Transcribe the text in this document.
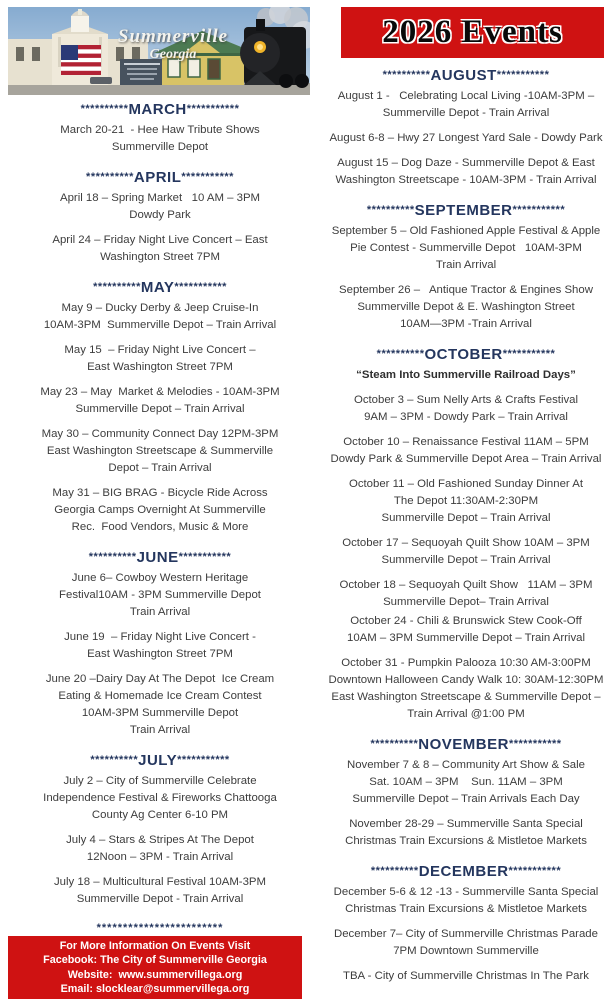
Summerville
Georgia
2026 Events
**********MARCH***********
March 20-21  - Hee Haw Tribute Shows
Summerville Depot
**********APRIL***********
April 18 – Spring Market   10 AM – 3PM
Dowdy Park
April 24 – Friday Night Live Concert – East
Washington Street 7PM
**********MAY***********
May 9 – Ducky Derby & Jeep Cruise-In
10AM-3PM  Summerville Depot – Train Arrival
May 15  – Friday Night Live Concert –
East Washington Street 7PM
May 23 – May  Market & Melodies - 10AM-3PM
Summerville Depot – Train Arrival
May 30 – Community Connect Day 12PM-3PM
East Washington Streetscape & Summerville
Depot – Train Arrival
May 31 – BIG BRAG - Bicycle Ride Across
Georgia Camps Overnight At Summerville
Rec.  Food Vendors, Music & More
**********JUNE***********
June 6– Cowboy Western Heritage
Festival10AM - 3PM Summerville Depot
Train Arrival
June 19  – Friday Night Live Concert -
East Washington Street 7PM
June 20 –Dairy Day At The Depot  Ice Cream
Eating & Homemade Ice Cream Contest
10AM-3PM Summerville Depot
Train Arrival
**********JULY***********
July 2 – City of Summerville Celebrate
Independence Festival & Fireworks Chattooga
County Ag Center 6-10 PM
July 4 – Stars & Stripes At The Depot
12Noon – 3PM - Train Arrival
July 18 – Multicultural Festival 10AM-3PM
Summerville Depot - Train Arrival
**********AUGUST***********
August 1 -   Celebrating Local Living -10AM-3PM –
Summerville Depot - Train Arrival
August 6-8 – Hwy 27 Longest Yard Sale - Dowdy Park
August 15 – Dog Daze - Summerville Depot & East
Washington Streetscape - 10AM-3PM - Train Arrival
**********SEPTEMBER***********
September 5 – Old Fashioned Apple Festival & Apple
Pie Contest - Summerville Depot   10AM-3PM
Train Arrival
September 26 –   Antique Tractor & Engines Show
Summerville Depot & E. Washington Street
10AM—3PM -Train Arrival
**********OCTOBER***********
“Steam Into Summerville Railroad Days”
October 3 – Sum Nelly Arts & Crafts Festival
9AM – 3PM - Dowdy Park – Train Arrival
October 10 – Renaissance Festival 11AM – 5PM
Dowdy Park & Summerville Depot Area – Train Arrival
October 11 – Old Fashioned Sunday Dinner At
The Depot 11:30AM-2:30PM
Summerville Depot – Train Arrival
October 17 – Sequoyah Quilt Show 10AM – 3PM
Summerville Depot – Train Arrival
October 18 – Sequoyah Quilt Show   11AM – 3PM
Summerville Depot– Train Arrival
October 24 - Chili & Brunswick Stew Cook-Off
10AM – 3PM Summerville Depot – Train Arrival
October 31 - Pumpkin Palooza 10:30 AM-3:00PM
Downtown Halloween Candy Walk 10: 30AM-12:30PM
East Washington Streetscape & Summerville Depot –
Train Arrival @1:00 PM
**********NOVEMBER***********
November 7 & 8 – Community Art Show & Sale
Sat. 10AM – 3PM    Sun. 11AM – 3PM
Summerville Depot – Train Arrivals Each Day
November 28-29 – Summerville Santa Special
Christmas Train Excursions & Mistletoe Markets
**********DECEMBER***********
December 5-6 & 12 -13 - Summerville Santa Special
Christmas Train Excursions & Mistletoe Markets
December 7– City of Summerville Christmas Parade
7PM Downtown Summerville
TBA - City of Summerville Christmas In The Park
************************
For More Information On Events Visit
Facebook: The City of Summerville Georgia
Website:  www.summervillega.org
Email: slocklear@summervillega.org
